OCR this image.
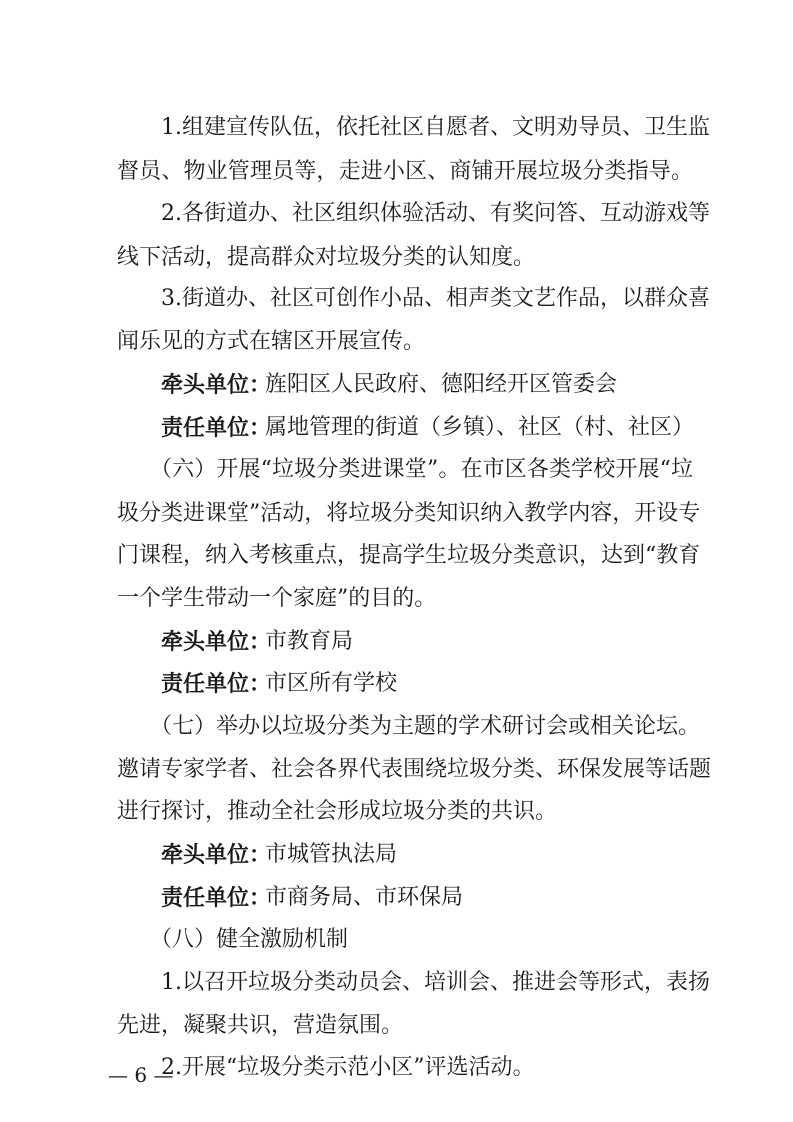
1.组建宣传队伍，依托社区自愿者、文明劝导员、卫生监
督员、物业管理员等，走进小区、商铺开展垃圾分类指导。
2.各街道办、社区组织体验活动、有奖问答、互动游戏等
线下活动，提高群众对垃圾分类的认知度。
3.街道办、社区可创作小品、相声类文艺作品，以群众喜
闻乐见的方式在辖区开展宣传。
牵头单位：
旌阳区人民政府、德阳经开区管委会
责任单位：
属地管理的街道（乡镇）、社区（村、社区）
（六）开展“垃圾分类进课堂”。在市区各类学校开展“垃
圾分类进课堂”活动，将垃圾分类知识纳入教学内容，开设专
门课程，纳入考核重点，提高学生垃圾分类意识，达到“教育
一个学生带动一个家庭”的目的。
牵头单位：
市教育局
责任单位：
市区所有学校
（七）举办以垃圾分类为主题的学术研讨会或相关论坛。
邀请专家学者、社会各界代表围绕垃圾分类、环保发展等话题
进行探讨，推动全社会形成垃圾分类的共识。
牵头单位：
市城管执法局
责任单位：
市商务局、市环保局
（八）健全激励机制
1.以召开垃圾分类动员会、培训会、推进会等形式，表扬
先进，凝聚共识，营造氛围。
2.开展“垃圾分类示范小区”评选活动。
— 6 —
